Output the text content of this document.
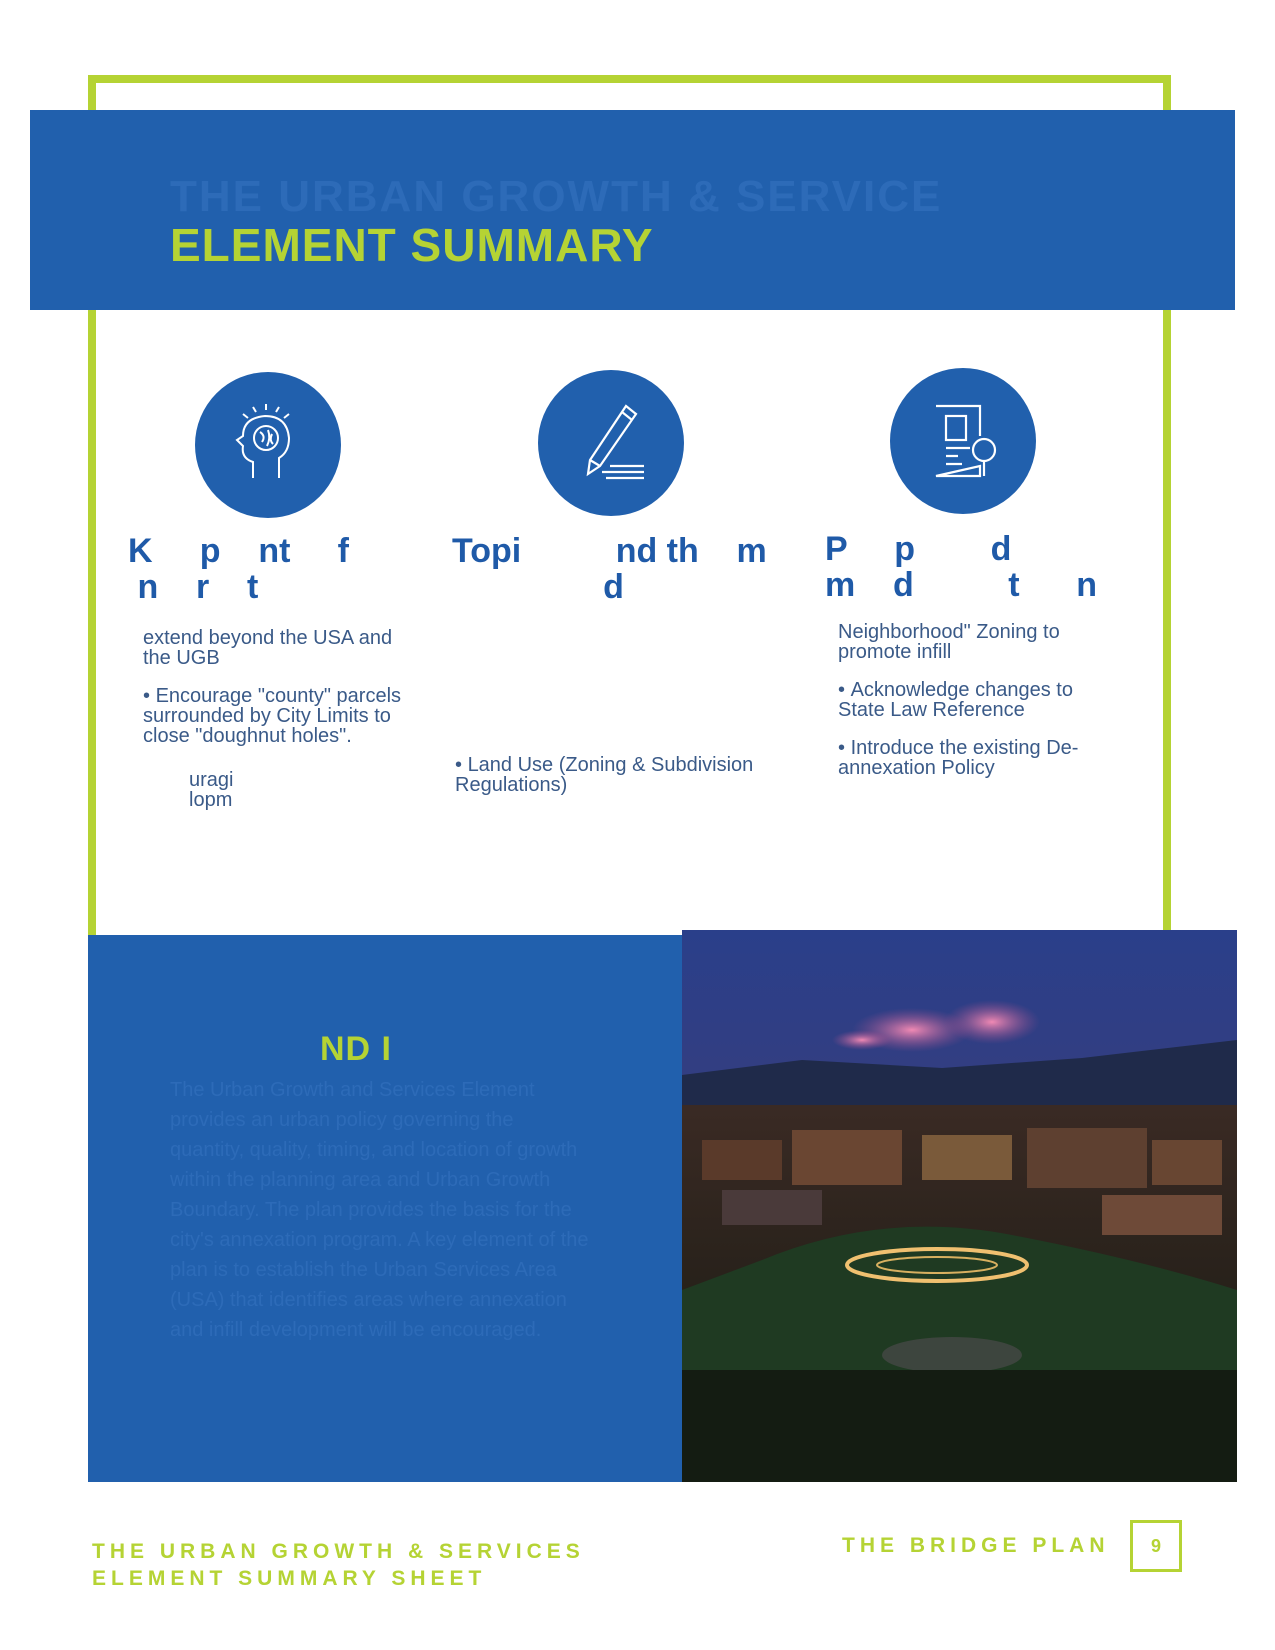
THE URBAN GROWTH & SERVICE
ELEMENT SUMMARY
K     p    nt     f
n    r    t

extend beyond the USA and the UGB

• Encourage "county" parcels surrounded by City Limits to close "doughnut holes".

uragi
lopm

Topi          nd th    m
d

• Land Use (Zoning & Subdivision Regulations)

P     p        d
m    d          t      n

Neighborhood" Zoning to promote infill

• Acknowledge changes to State Law Reference

• Introduce the existing De-annexation Policy

ND I
The Urban Growth and Services Element provides an urban policy governing the quantity, quality, timing, and location of growth within the planning area and Urban Growth Boundary. The plan provides the basis for the city's annexation program. A key element of the plan is to establish the Urban Services Area (USA) that identifies areas where annexation and infill development will be encouraged.
THE URBAN GROWTH & SERVICES
ELEMENT SUMMARY SHEET
THE BRIDGE PLAN	9
